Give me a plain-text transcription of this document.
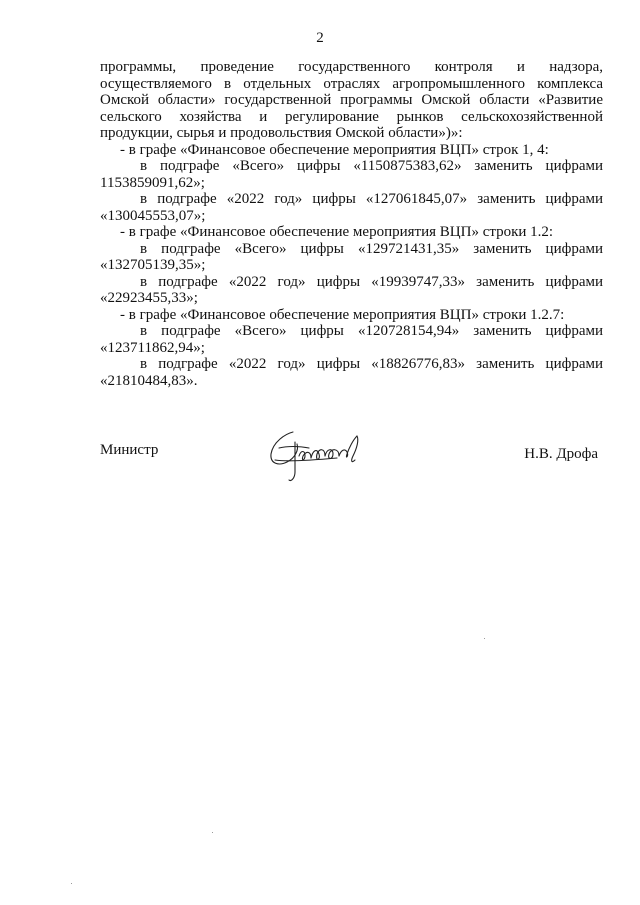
2

программы, проведение государственного контроля и надзора, осуществляемого в отдельных отраслях агропромышленного комплекса Омской области» государственной программы Омской области «Развитие сельского хозяйства и регулирование рынков сельскохозяйственной продукции, сырья и продовольствия Омской области»)»:

- в графе «Финансовое обеспечение мероприятия ВЦП» строк 1, 4:

в подграфе «Всего» цифры «1150875383,62» заменить цифрами 1153859091,62»;

в подграфе «2022 год» цифры «127061845,07» заменить цифрами «130045553,07»;

- в графе «Финансовое обеспечение мероприятия ВЦП» строки 1.2:

в подграфе «Всего» цифры «129721431,35» заменить цифрами «132705139,35»;

в подграфе «2022 год» цифры «19939747,33» заменить цифрами «22923455,33»;

- в графе «Финансовое обеспечение мероприятия ВЦП» строки 1.2.7:

в подграфе «Всего» цифры «120728154,94» заменить цифрами «123711862,94»;

в подграфе «2022 год» цифры «18826776,83» заменить цифрами «21810484,83».

Министр	Н.В. Дрофа
